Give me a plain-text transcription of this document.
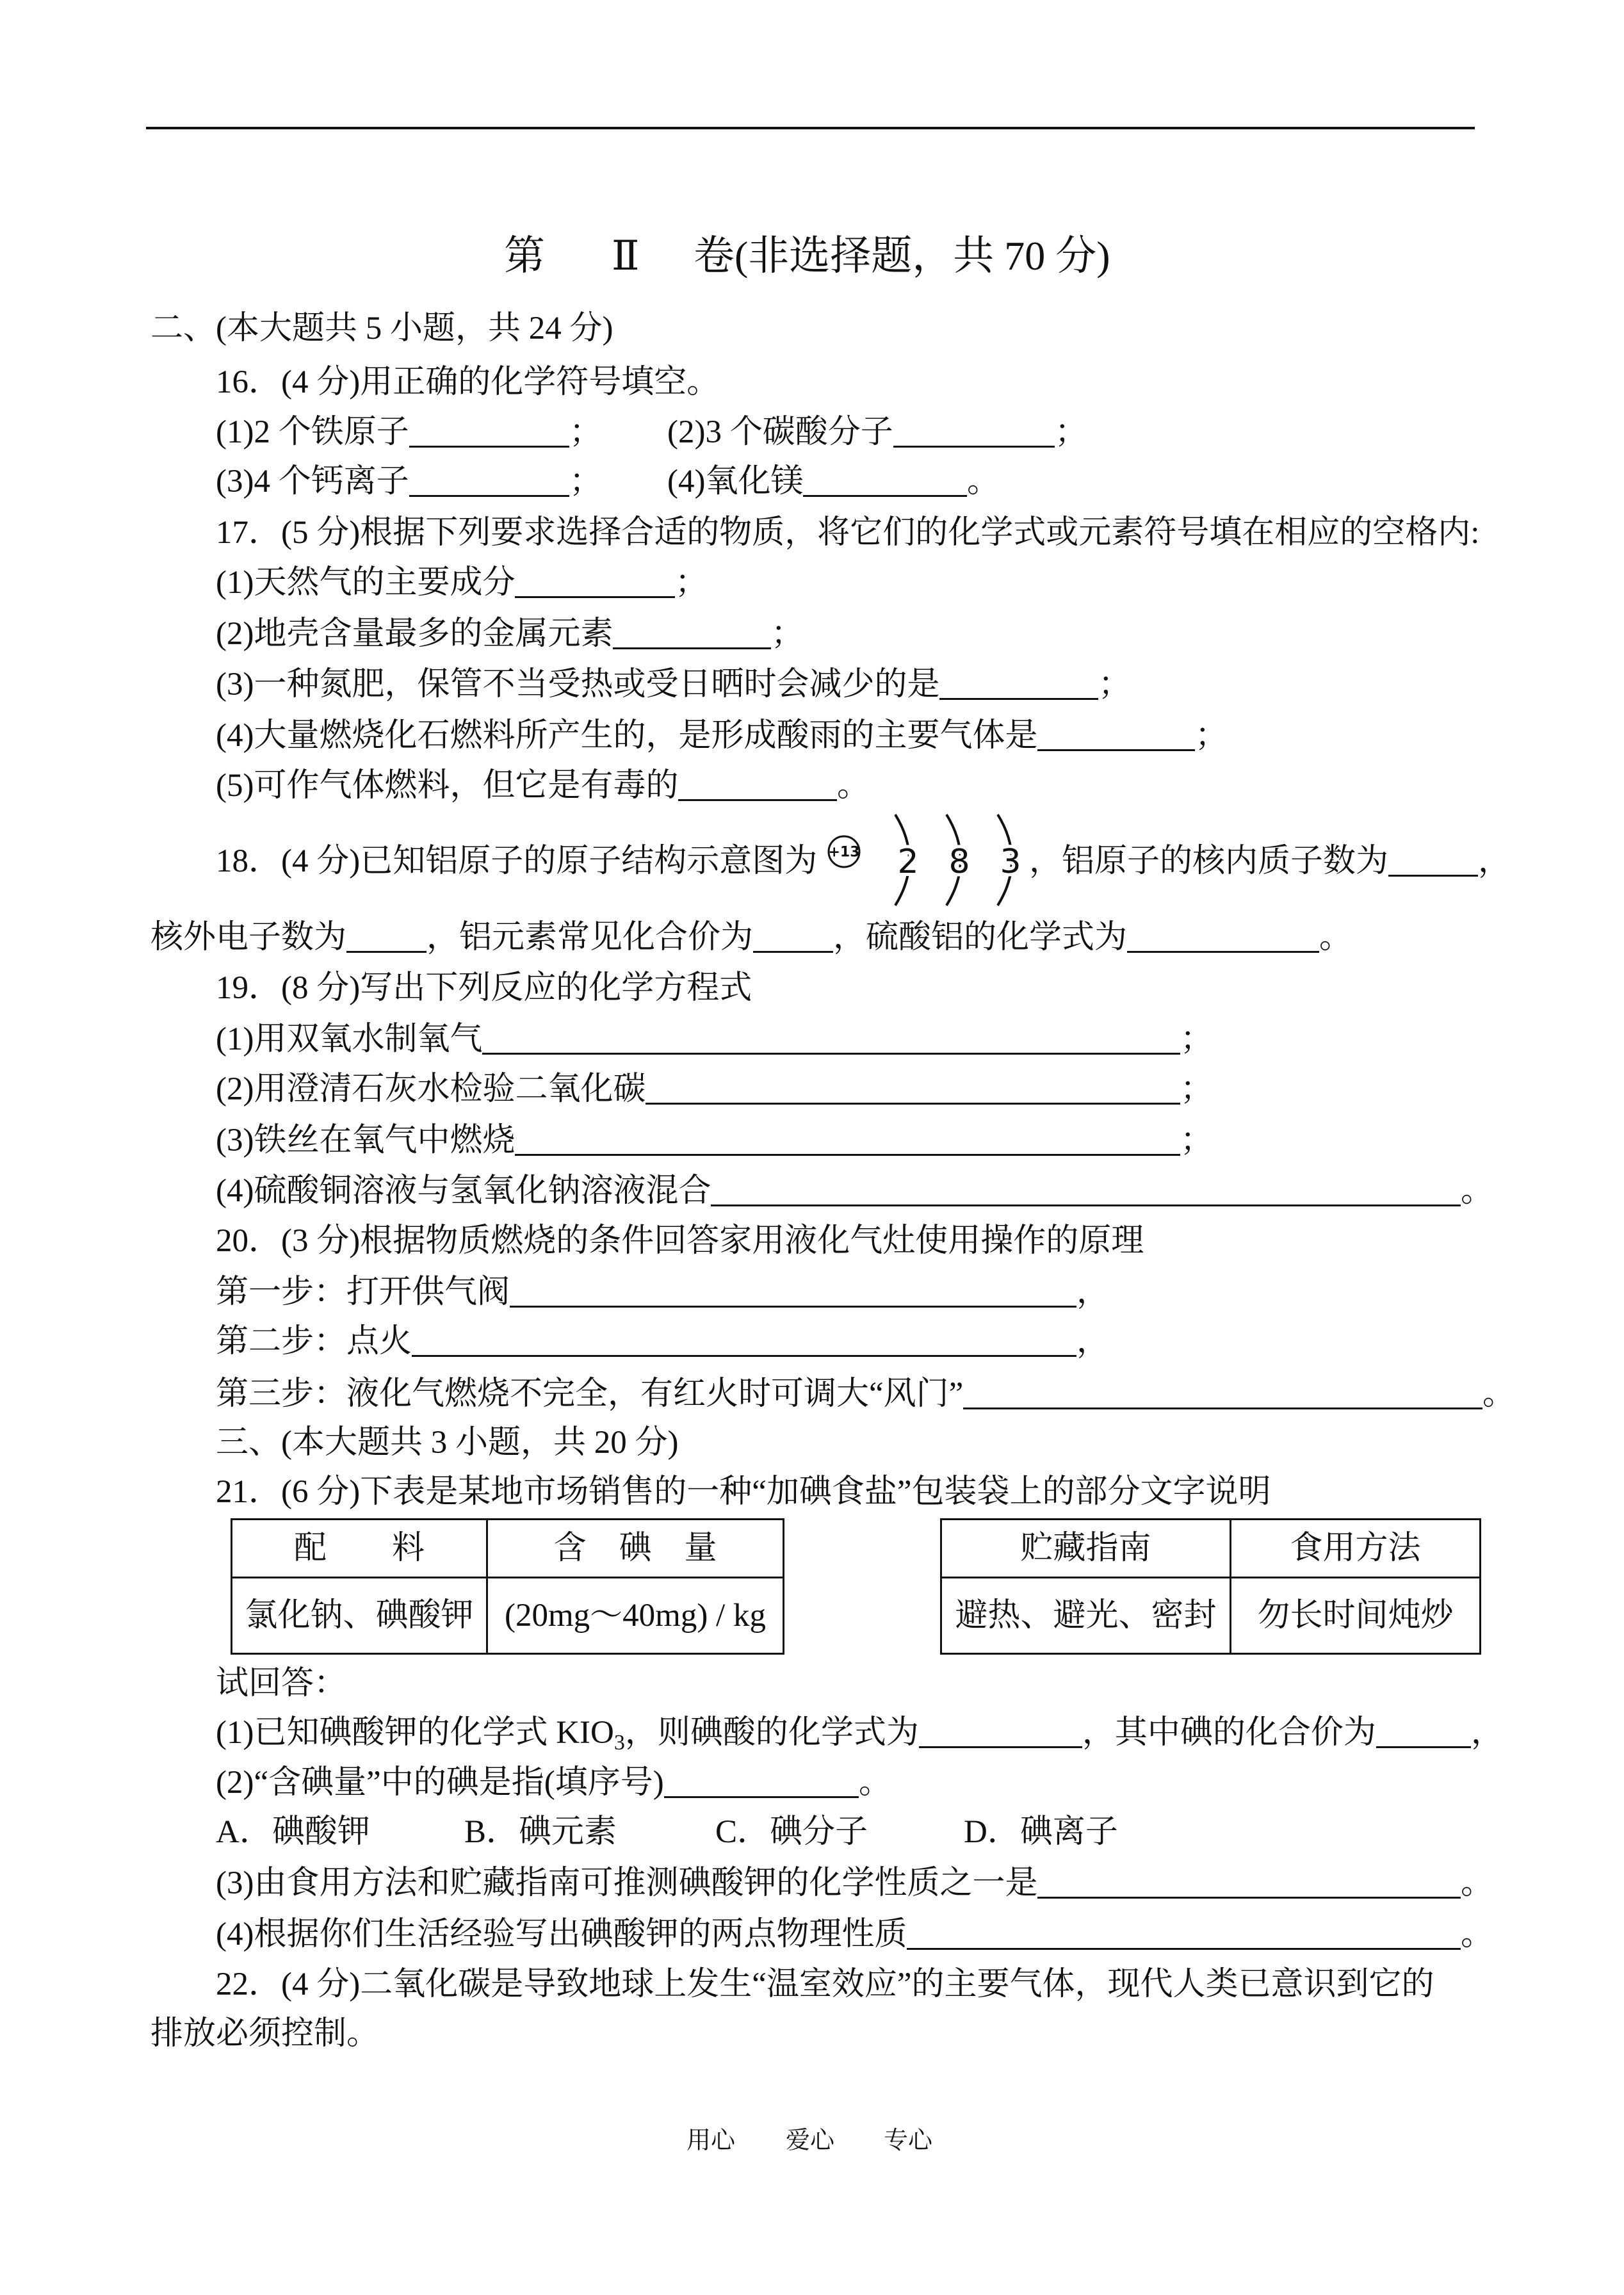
第 Ⅱ 卷(非选择题，共 70 分)
二、(本大题共 5 小题，共 24 分)
16．(4 分)用正确的化学符号填空。
(1)2 个铁原子	； (2)3 个碳酸分子	；
(3)4 个钙离子	； (4)氧化镁	。
17．(5 分)根据下列要求选择合适的物质，将它们的化学式或元素符号填在相应的空格内:
(1)天然气的主要成分	；
(2)地壳含量最多的金属元素	；
(3)一种氮肥，保管不当受热或受日晒时会减少的是	；
(4)大量燃烧化石燃料所产生的，是形成酸雨的主要气体是	；
(5)可作气体燃料，但它是有毒的	。
18．(4 分)已知铝原子的原子结构示意图为 +13 2 8 3 ，铝原子的核内质子数为	，
核外电子数为 ，铝元素常见化合价为 ，硫酸铝的化学式为	。
19．(8 分)写出下列反应的化学方程式
(1)用双氧水制氧气	；
(2)用澄清石灰水检验二氧化碳	；
(3)铁丝在氧气中燃烧	；
(4)硫酸铜溶液与氢氧化钠溶液混合	。
20．(3 分)根据物质燃烧的条件回答家用液化气灶使用操作的原理
第一步：打开供气阀	，
第二步：点火	，
第三步：液化气燃烧不完全，有红火时可调大“风门”	。
三、(本大题共 3 小题，共 20 分)
21．(6 分)下表是某地市场销售的一种“加碘食盐”包装袋上的部分文字说明
配　　料	含　碘　量
氯化钠、碘酸钾	(20mg～40mg) / kg
贮藏指南	食用方法
避热、避光、密封	勿长时间炖炒
试回答：
(1)已知碘酸钾的化学式 $KIO_3$，则碘酸的化学式为	，其中碘的化合价为	，
(2)“含碘量”中的碘是指(填序号)	。
A．碘酸钾	B．碘元素	C．碘分子	D．碘离子
(3)由食用方法和贮藏指南可推测碘酸钾的化学性质之一是	。
(4)根据你们生活经验写出碘酸钾的两点物理性质	。
22．(4 分)二氧化碳是导致地球上发生“温室效应”的主要气体，现代人类已意识到它的
排放必须控制。
用心 爱心 专心
